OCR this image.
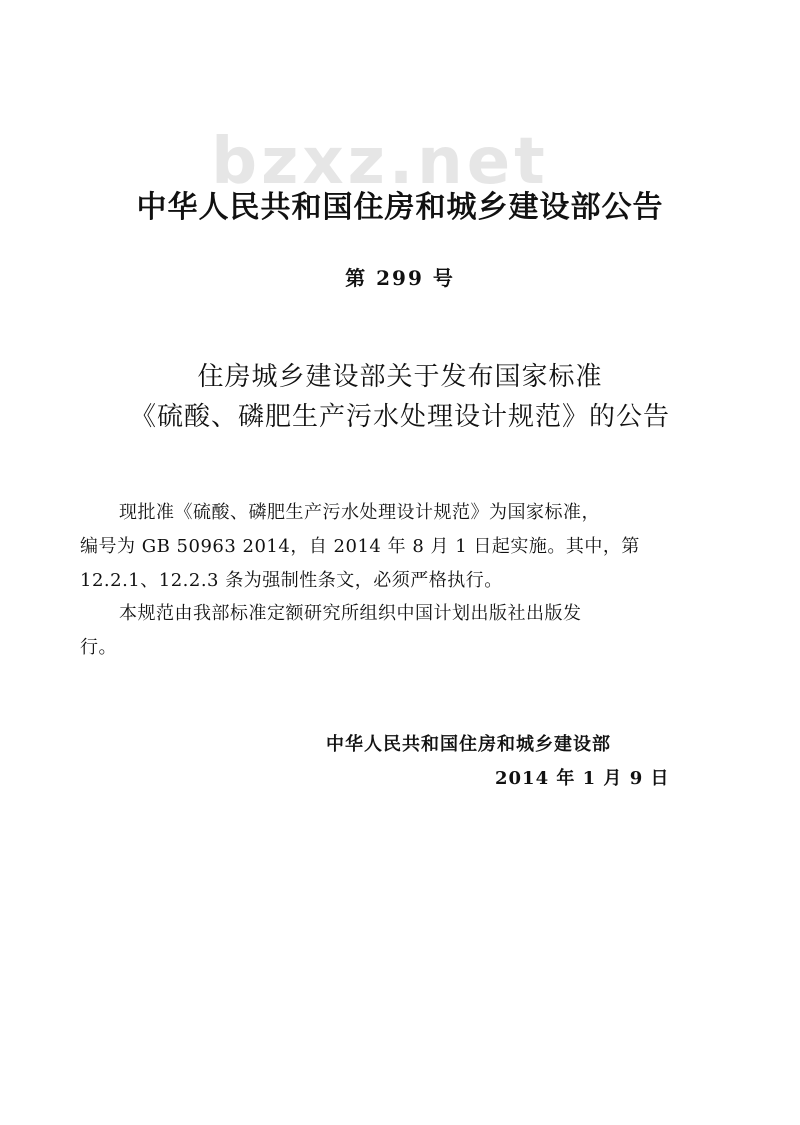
bzxz.net
中华人民共和国住房和城乡建设部公告
第 299 号
住房城乡建设部关于发布国家标准
《硫酸、磷肥生产污水处理设计规范》的公告
现批准《硫酸、磷肥生产污水处理设计规范》为国家标准，
编号为 GB 50963 2014，自 2014 年 8 月 1 日起实施。其中，第
12.2.1、12.2.3 条为强制性条文，必须严格执行。
本规范由我部标准定额研究所组织中国计划出版社出版发
行。
中华人民共和国住房和城乡建设部
2014 年 1 月 9 日
